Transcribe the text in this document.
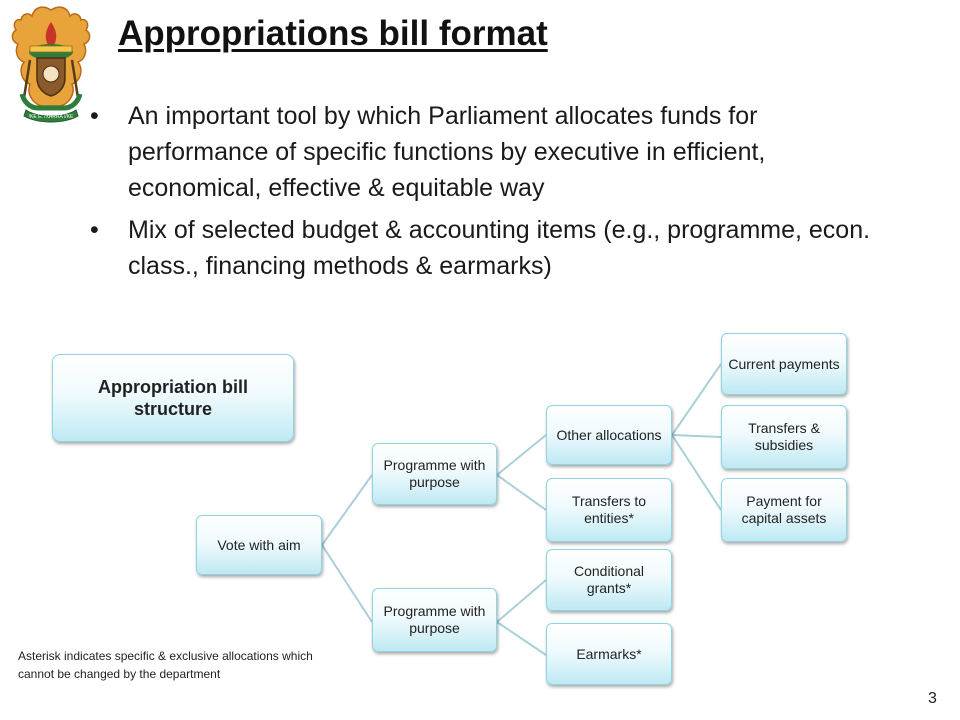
!KE E: /XARRA //KE
Appropriations bill format
• An important tool by which Parliament allocates funds for performance of specific functions by executive in efficient, economical, effective & equitable way
• Mix of selected budget & accounting items (e.g., programme, econ. class., financing methods & earmarks)
Appropriation bill structure
Vote with aim
Programme with purpose
Programme with purpose
Other allocations
Transfers to entities*
Conditional grants*
Earmarks*
Current payments
Transfers & subsidies
Payment for capital assets
Asterisk indicates specific & exclusive allocations which cannot be changed by the department
3
